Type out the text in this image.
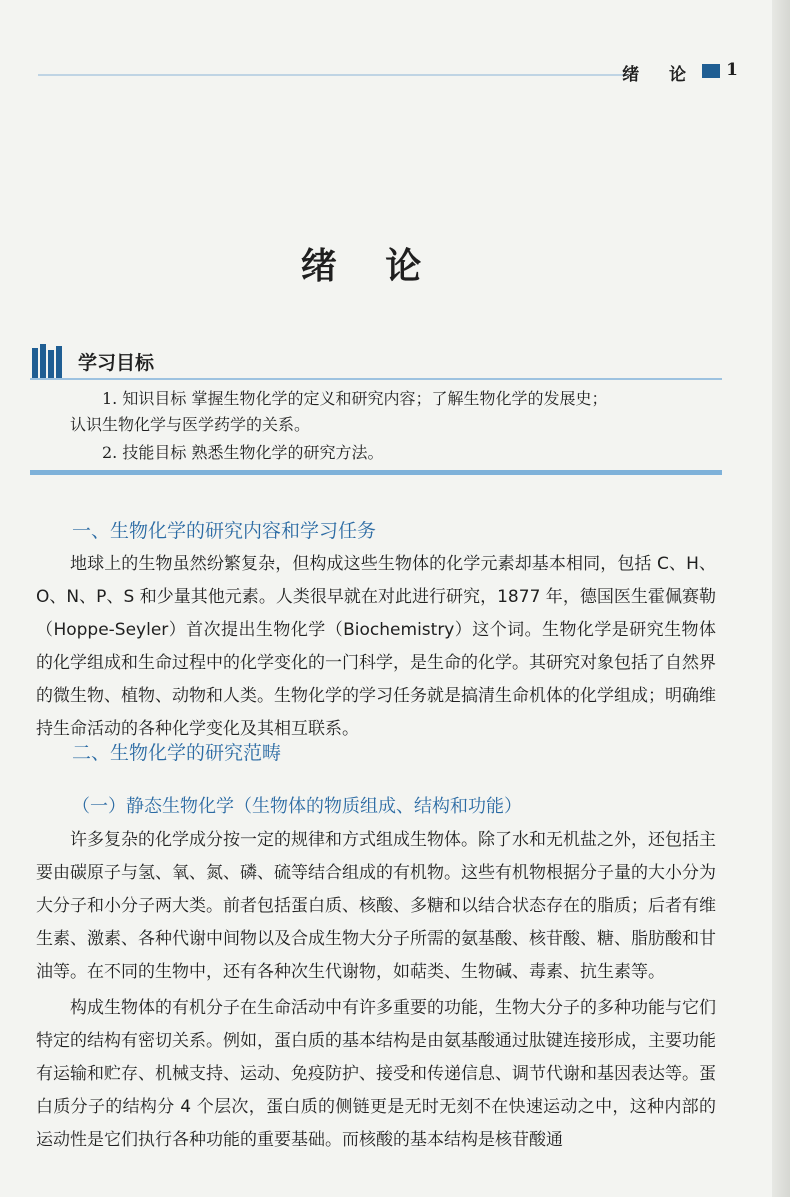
绪 论 1
绪 论
学习目标
1. 知识目标 掌握生物化学的定义和研究内容；了解生物化学的发展史；
认识生物化学与医学药学的关系。
2. 技能目标 熟悉生物化学的研究方法。
一、生物化学的研究内容和学习任务
地球上的生物虽然纷繁复杂，但构成这些生物体的化学元素却基本相同，包括 C、H、O、N、P、S 和少量其他元素。人类很早就在对此进行研究，1877 年，德国医生霍佩赛勒（Hoppe-Seyler）首次提出生物化学（Biochemistry）这个词。生物化学是研究生物体的化学组成和生命过程中的化学变化的一门科学，是生命的化学。其研究对象包括了自然界的微生物、植物、动物和人类。生物化学的学习任务就是搞清生命机体的化学组成；明确维持生命活动的各种化学变化及其相互联系。
二、生物化学的研究范畴
（一）静态生物化学（生物体的物质组成、结构和功能）
许多复杂的化学成分按一定的规律和方式组成生物体。除了水和无机盐之外，还包括主要由碳原子与氢、氧、氮、磷、硫等结合组成的有机物。这些有机物根据分子量的大小分为大分子和小分子两大类。前者包括蛋白质、核酸、多糖和以结合状态存在的脂质；后者有维生素、激素、各种代谢中间物以及合成生物大分子所需的氨基酸、核苷酸、糖、脂肪酸和甘油等。在不同的生物中，还有各种次生代谢物，如萜类、生物碱、毒素、抗生素等。
构成生物体的有机分子在生命活动中有许多重要的功能，生物大分子的多种功能与它们特定的结构有密切关系。例如，蛋白质的基本结构是由氨基酸通过肽键连接形成，主要功能有运输和贮存、机械支持、运动、免疫防护、接受和传递信息、调节代谢和基因表达等。蛋白质分子的结构分 4 个层次，蛋白质的侧链更是无时无刻不在快速运动之中，这种内部的运动性是它们执行各种功能的重要基础。而核酸的基本结构是核苷酸通
